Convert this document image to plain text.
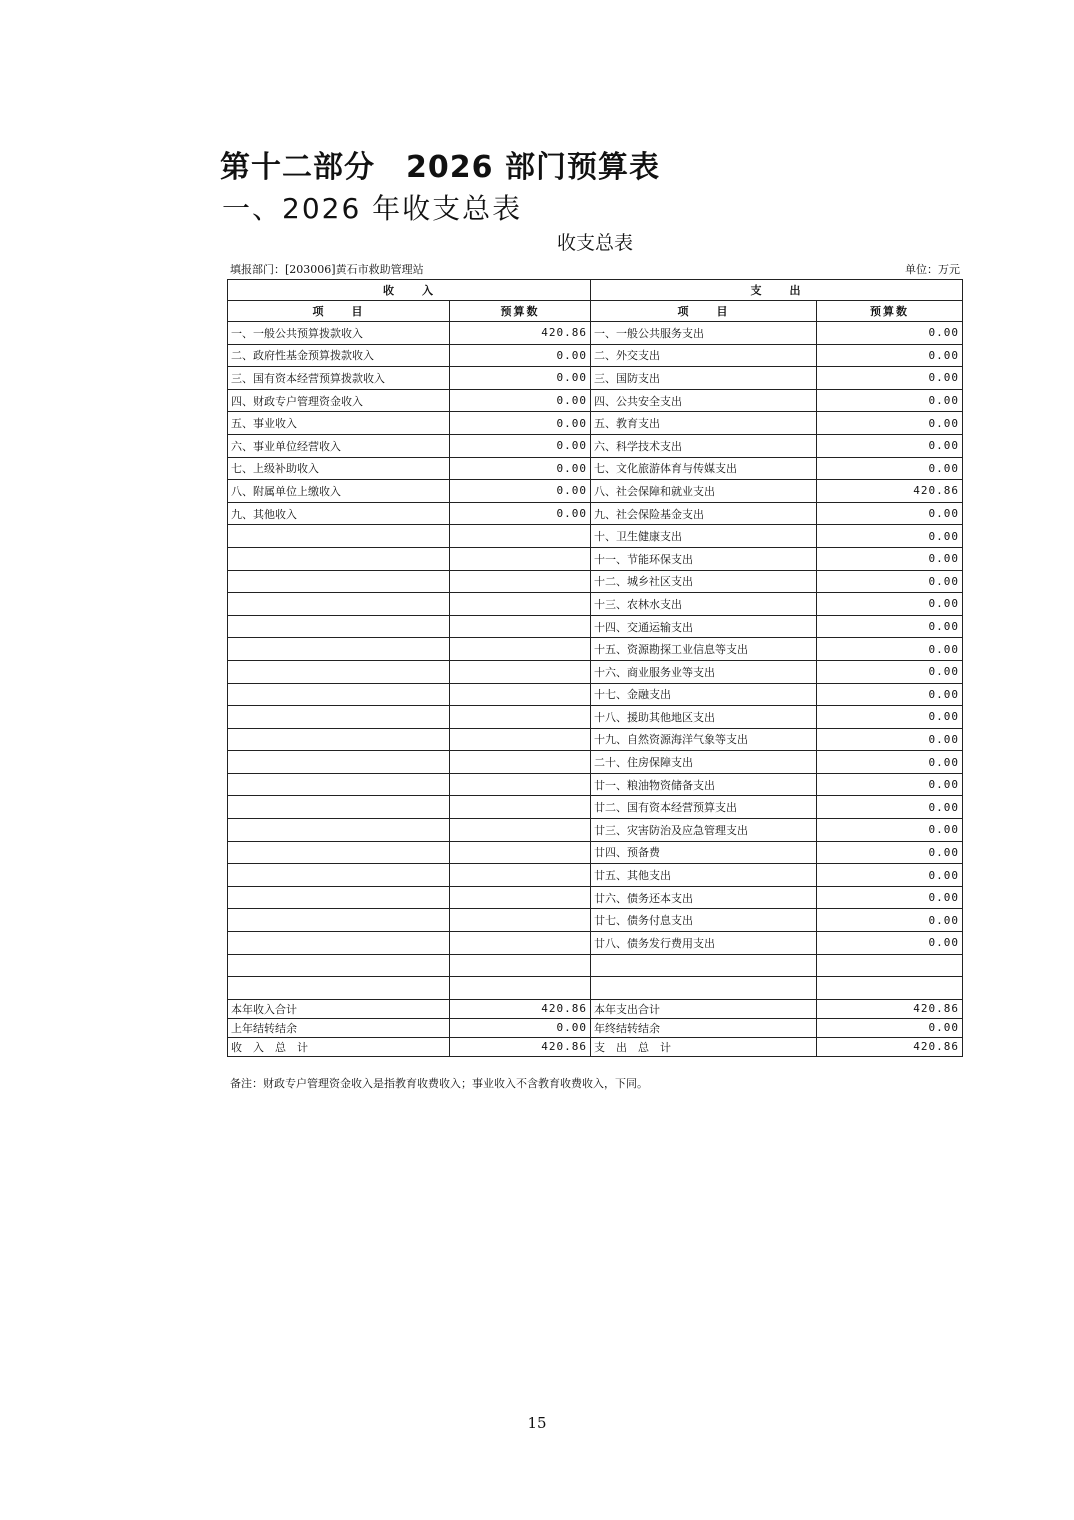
第十二部分　2026 部门预算表
一、2026 年收支总表
收支总表
填报部门：[203006]黄石市救助管理站	单位：万元
收　　入		支　　出	
项　　目	预算数	项　　目	预算数
一、一般公共预算拨款收入	420.86	一、一般公共服务支出	0.00
二、政府性基金预算拨款收入	0.00	二、外交支出	0.00
三、国有资本经营预算拨款收入	0.00	三、国防支出	0.00
四、财政专户管理资金收入	0.00	四、公共安全支出	0.00
五、事业收入	0.00	五、教育支出	0.00
六、事业单位经营收入	0.00	六、科学技术支出	0.00
七、上级补助收入	0.00	七、文化旅游体育与传媒支出	0.00
八、附属单位上缴收入	0.00	八、社会保障和就业支出	420.86
九、其他收入	0.00	九、社会保险基金支出	0.00
		十、卫生健康支出	0.00
		十一、节能环保支出	0.00
		十二、城乡社区支出	0.00
		十三、农林水支出	0.00
		十四、交通运输支出	0.00
		十五、资源勘探工业信息等支出	0.00
		十六、商业服务业等支出	0.00
		十七、金融支出	0.00
		十八、援助其他地区支出	0.00
		十九、自然资源海洋气象等支出	0.00
		二十、住房保障支出	0.00
		廿一、粮油物资储备支出	0.00
		廿二、国有资本经营预算支出	0.00
		廿三、灾害防治及应急管理支出	0.00
		廿四、预备费	0.00
		廿五、其他支出	0.00
		廿六、债务还本支出	0.00
		廿七、债务付息支出	0.00
		廿八、债务发行费用支出	0.00

本年收入合计	420.86	本年支出合计	420.86
上年结转结余	0.00	年终结转结余	0.00
收　入　总　计	420.86	支　出　总　计	420.86
备注：财政专户管理资金收入是指教育收费收入；事业收入不含教育收费收入，下同。
15
